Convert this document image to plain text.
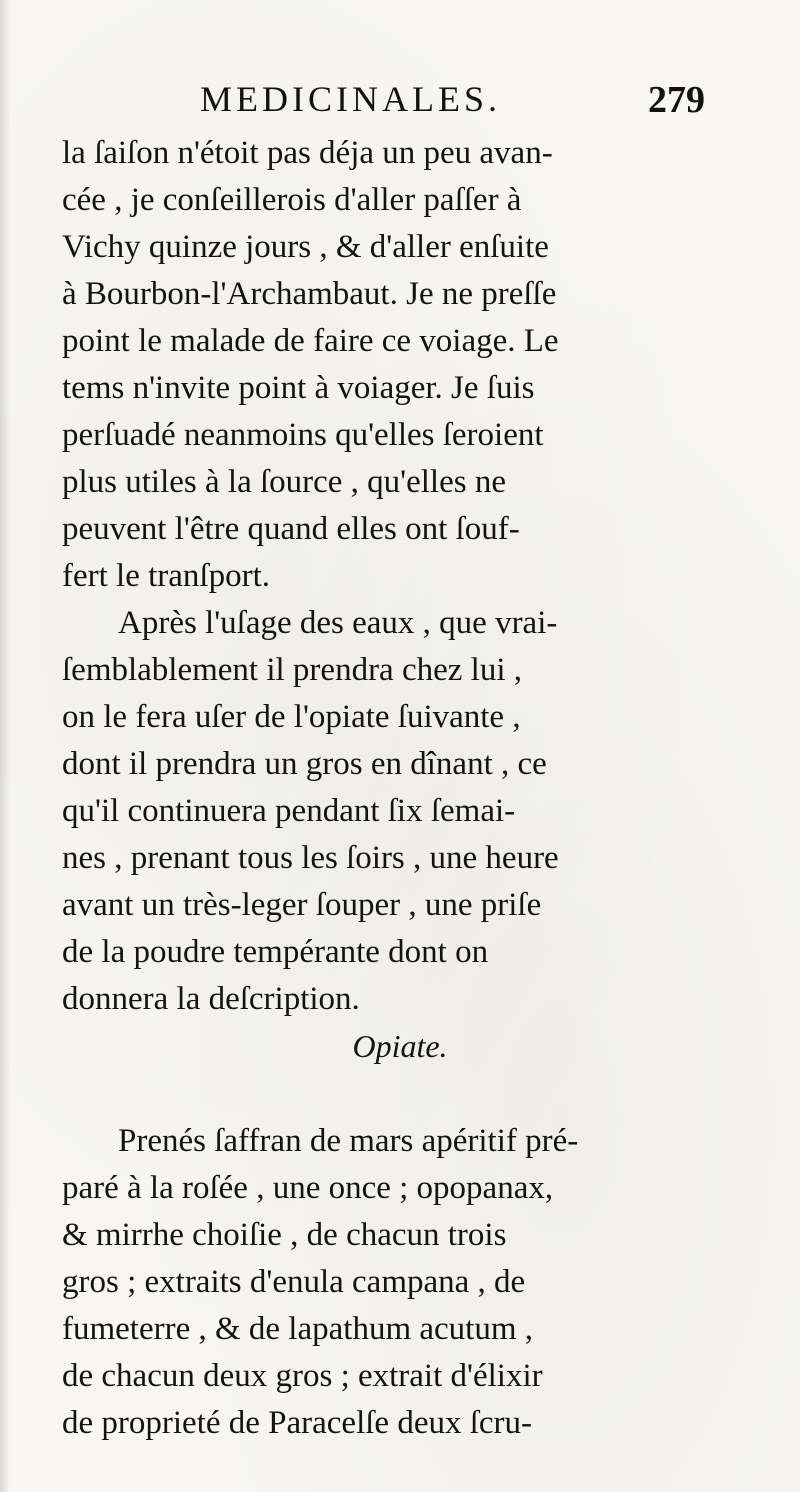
MEDICINALES.	279
la ſaiſon n'étoit pas déja un peu avan-
cée , je conſeillerois d'aller paſſer à
Vichy quinze jours , & d'aller enſuite
à Bourbon-l'Archambaut. Je ne preſſe
point le malade de faire ce voiage. Le
tems n'invite point à voiager. Je ſuis
perſuadé neanmoins qu'elles ſeroient
plus utiles à la ſource , qu'elles ne
peuvent l'être quand elles ont ſouf-
fert le tranſport.
Après l'uſage des eaux , que vrai-
ſemblablement il prendra chez lui ,
on le fera uſer de l'opiate ſuivante ,
dont il prendra un gros en dînant , ce
qu'il continuera pendant ſix ſemai-
nes , prenant tous les ſoirs , une heure
avant un très-leger ſouper , une priſe
de la poudre tempérante dont on
donnera la deſcription.
Opiate.
Prenés ſaffran de mars apéritif pré-
paré à la roſée , une once ; opopanax,
& mirrhe choiſie , de chacun trois
gros ; extraits d'enula campana , de
fumeterre , & de lapathum acutum ,
de chacun deux gros ; extrait d'élixir
de proprieté de Paracelſe deux ſcru-
